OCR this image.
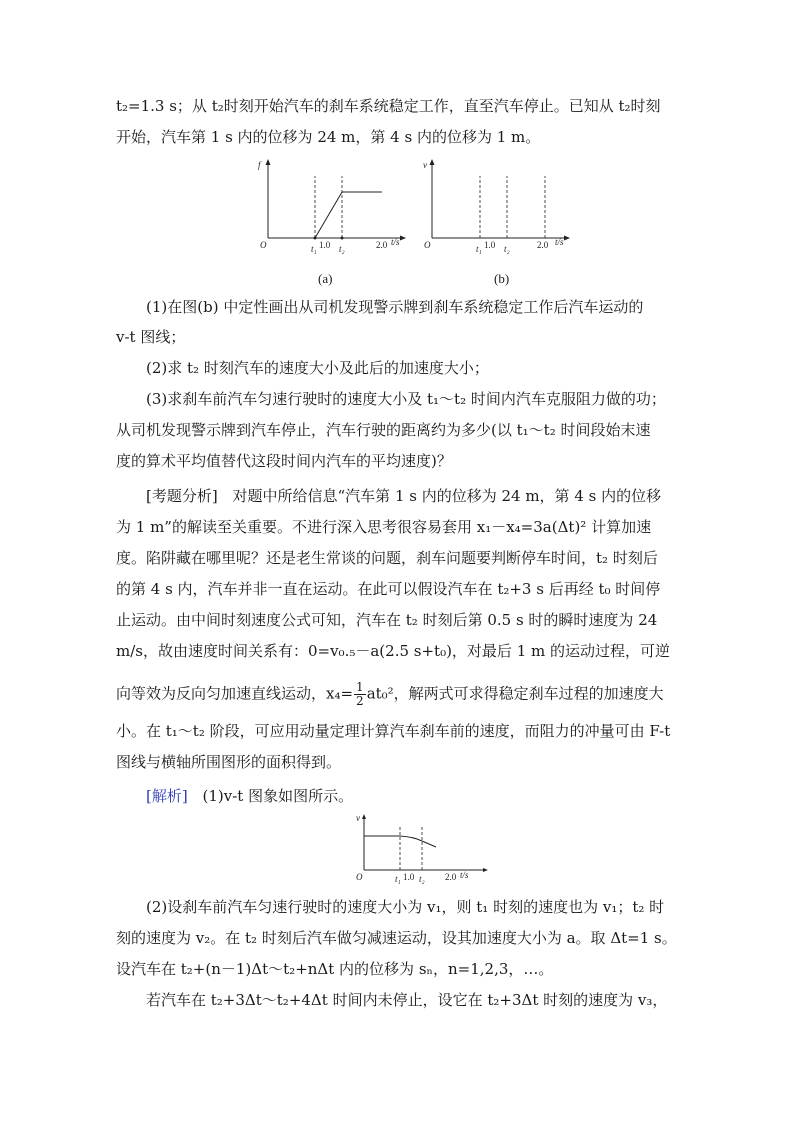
t₂=1.3 s；从 t₂时刻开始汽车的刹车系统稳定工作，直至汽车停止。已知从 t₂时刻
开始，汽车第 1 s 内的位移为 24 m，第 4 s 内的位移为 1 m。
f
O	t₁ 1.0 t₂	2.0 t/s
(a)
v
O	t₁ 1.0 t₂	2.0 t/s
(b)
(1)在图(b) 中定性画出从司机发现警示牌到刹车系统稳定工作后汽车运动的
v-t 图线；
(2)求 t₂ 时刻汽车的速度大小及此后的加速度大小；
(3)求刹车前汽车匀速行驶时的速度大小及 t₁～t₂ 时间内汽车克服阻力做的功；
从司机发现警示牌到汽车停止，汽车行驶的距离约为多少(以 t₁～t₂ 时间段始末速
度的算术平均值替代这段时间内汽车的平均速度)？
[考题分析] 对题中所给信息“汽车第 1 s 内的位移为 24 m，第 4 s 内的位移
为 1 m”的解读至关重要。不进行深入思考很容易套用 x₁－x₄=3a(Δt)² 计算加速
度。陷阱藏在哪里呢？还是老生常谈的问题，刹车问题要判断停车时间，t₂ 时刻后
的第 4 s 内，汽车并非一直在运动。在此可以假设汽车在 t₂+3 s 后再经 t₀ 时间停
止运动。由中间时刻速度公式可知，汽车在 t₂ 时刻后第 0.5 s 时的瞬时速度为 24
m/s，故由速度时间关系有：0=v₀.₅－a(2.5 s+t₀)，对最后 1 m 的运动过程，可逆
向等效为反向匀加速直线运动，$x_4= \frac{1}{2} at_0^2$，解两式可求得稳定刹车过程的加速度大
小。在 t₁～t₂ 阶段，可应用动量定理计算汽车刹车前的速度，而阻力的冲量可由 F-t
图线与横轴所围图形的面积得到。
[解析] (1)v-t 图象如图所示。
v
O	t₁ 1.0 t₂ 2.0 t/s
(2)设刹车前汽车匀速行驶时的速度大小为 v₁，则 t₁ 时刻的速度也为 v₁；t₂ 时
刻的速度为 v₂。在 t₂ 时刻后汽车做匀减速运动，设其加速度大小为 a。取 Δt=1 s。
设汽车在 t₂+(n－1)Δt～t₂+nΔt 内的位移为 sₙ，n=1,2,3，…。
若汽车在 t₂+3Δt～t₂+4Δt 时间内未停止，设它在 t₂+3Δt 时刻的速度为 v₃，
